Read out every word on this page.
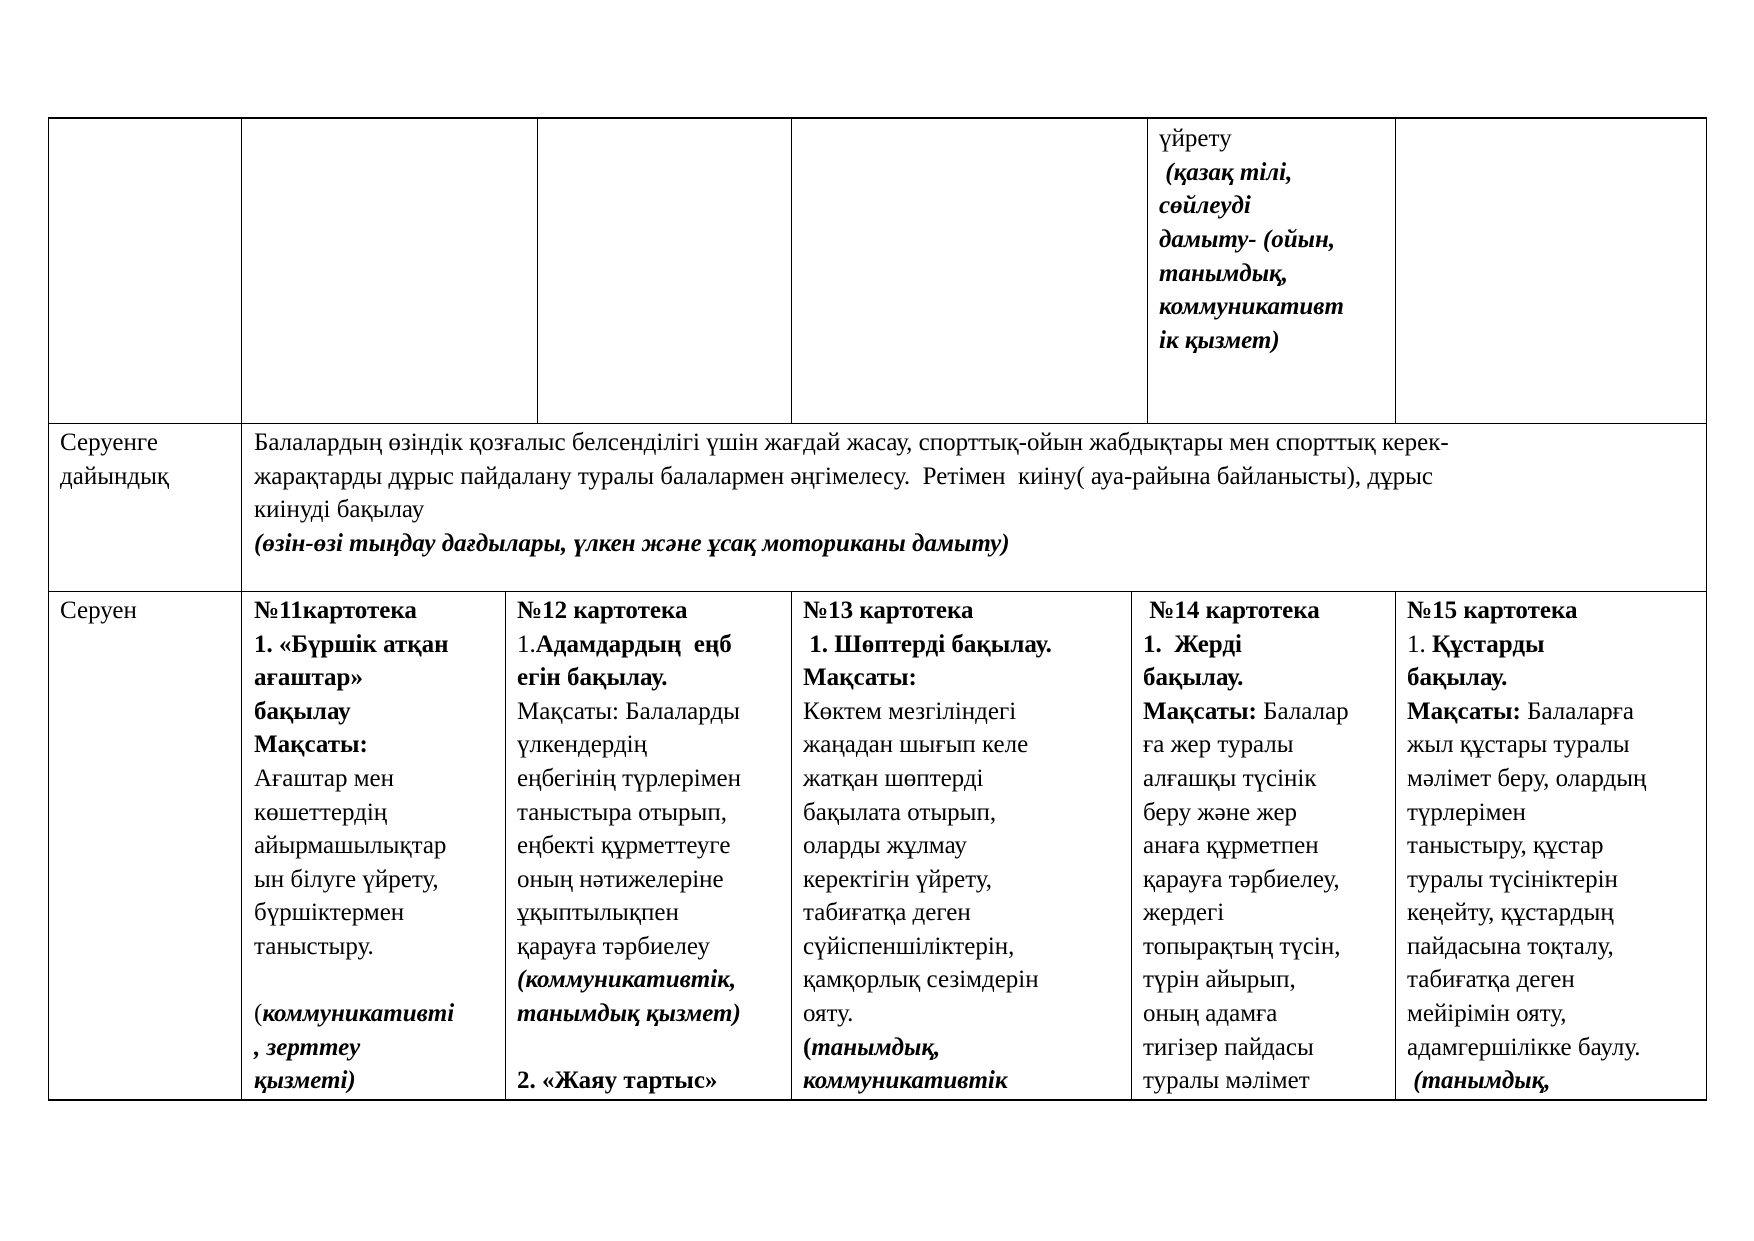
үйрету
(қазақ тілі,
сөйлеуді
дамыту- (ойын,
танымдық,
коммуникативт
ік қызмет)
Серуенге
дайындық
Балалардың өзіндік қозғалыс белсенділігі үшін жағдай жасау, спорттық-ойын жабдықтары мен спорттық керек-
жарақтарды дұрыс пайдалану туралы балалармен әңгімелесу.  Ретімен  киіну( ауа-райына байланысты), дұрыс
киінуді бақылау
(өзін-өзі тыңдау дағдылары, үлкен және ұсақ моториканы дамыту)
Серуен	№11картотека
1. «Бүршік атқан
ағаштар»
бақылау
Мақсаты:
Ағаштар мен
көшеттердің
айырмашылықтар
ын білуге үйрету,
бүршіктермен
таныстыру.
(коммуникативті
, зерттеу
қызметі)
№12 картотека
1.Адамдардың  еңб
егін бақылау.
Мақсаты: Балаларды
үлкендердің
еңбегінің түрлерімен
таныстыра отырып,
еңбекті құрметтеуге
оның нәтижелеріне
ұқыптылықпен
қарауға тәрбиелеу
(коммуникативтік,
танымдық қызмет)
2. «Жаяу тартыс»
№13 картотека
1. Шөптерді бақылау.
Мақсаты:
Көктем мезгіліндегі
жаңадан шығып келе
жатқан шөптерді
бақылата отырып,
оларды жұлмау
керектігін үйрету,
табиғатқа деген
сүйіспеншіліктерін,
қамқорлық сезімдерін
ояту.
(танымдық,
коммуникативтік
№14 картотека
1.  Жерді
бақылау.
Мақсаты: Балалар
ға жер туралы
алғашқы түсінік
беру және жер
анаға құрметпен
қарауға тәрбиелеу,
жердегі
топырақтың түсін,
түрін айырып,
оның адамға
тигізер пайдасы
туралы мәлімет
№15 картотека
1. Құстарды
бақылау.
Мақсаты: Балаларға
жыл құстары туралы
мәлімет беру, олардың
түрлерімен
таныстыру, құстар
туралы түсініктерін
кеңейту, құстардың
пайдасына тоқталу,
табиғатқа деген
мейірімін ояту,
адамгершілікке баулу.
(танымдық,
